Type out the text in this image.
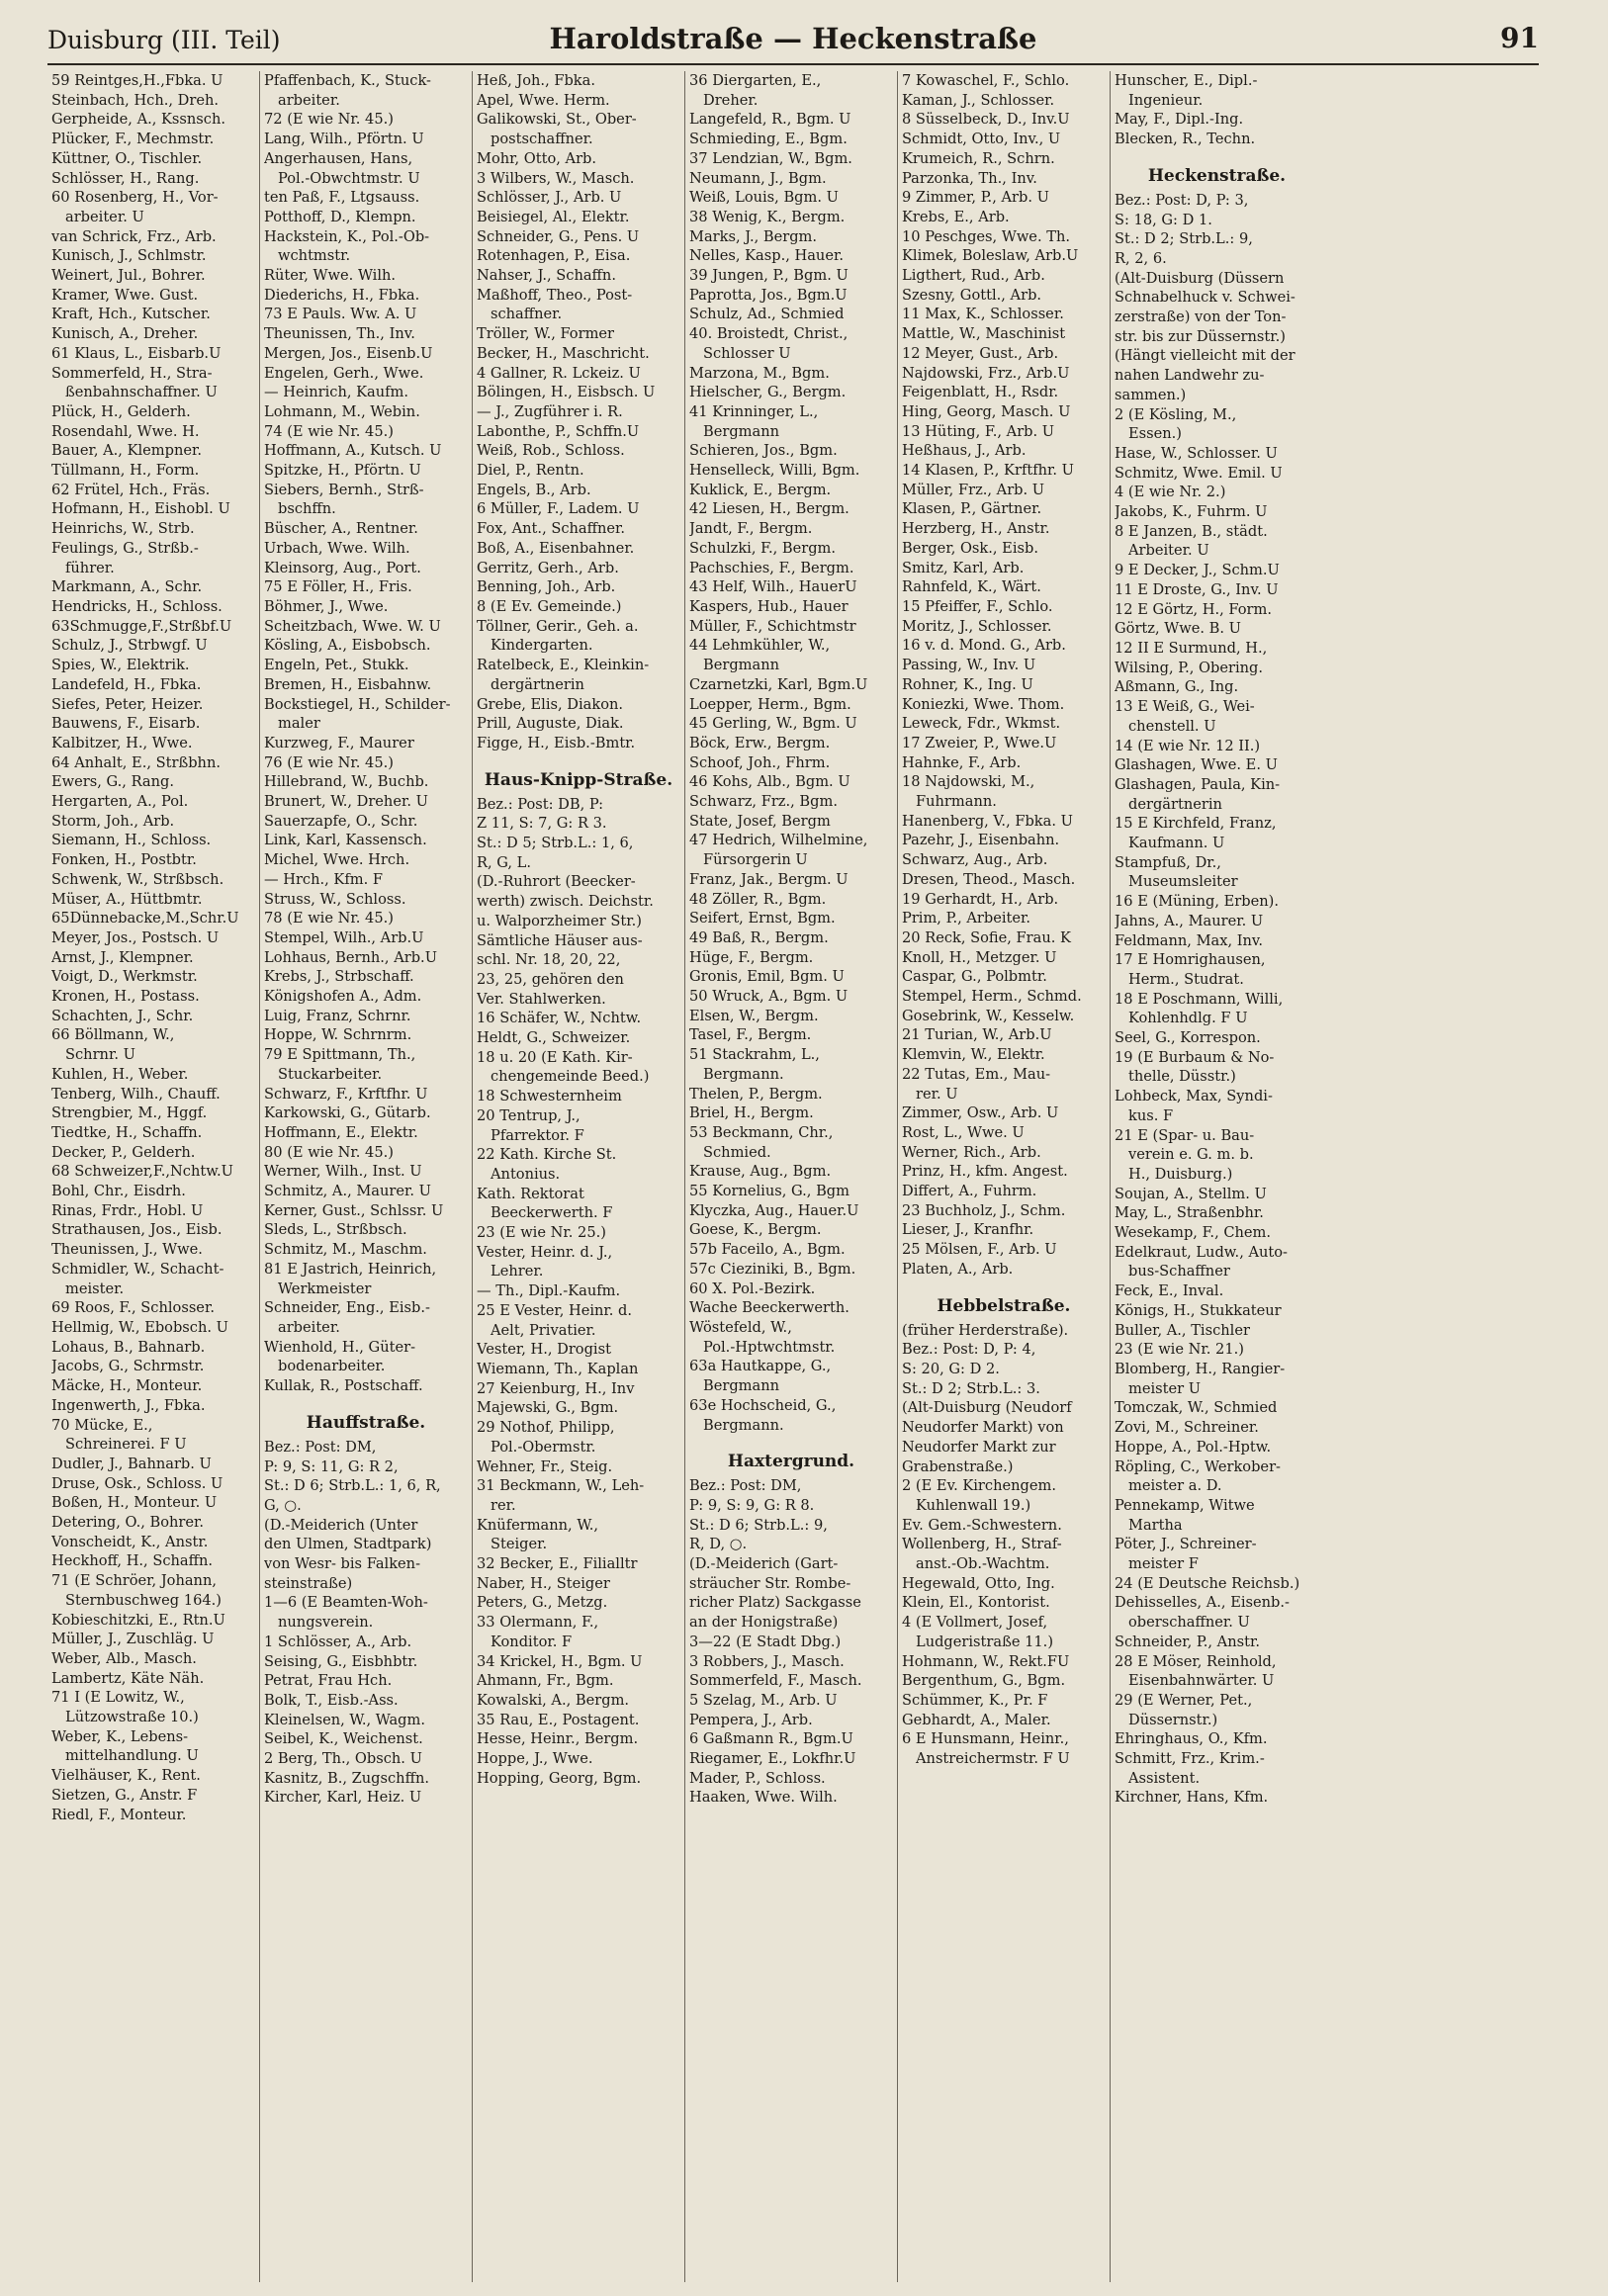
Duisburg (III. Teil)	Haroldstraße — Heckenstraße	91
59 Reintges,H.,Fbka. U
Steinbach, Hch., Dreh.
Gerpheide, A., Kssnsch.
Plücker, F., Mechmstr.
Küttner, O., Tischler.
Schlösser, H., Rang.
60 Rosenberg, H., Vor-
arbeiter. U
van Schrick, Frz., Arb.
Kunisch, J., Schlmstr.
Weinert, Jul., Bohrer.
Kramer, Wwe. Gust.
Kraft, Hch., Kutscher.
Kunisch, A., Dreher.
61 Klaus, L., Eisbarb.U
Sommerfeld, H., Stra-
ßenbahnschaffner. U
Plück, H., Gelderh.
Rosendahl, Wwe. H.
Bauer, A., Klempner.
Tüllmann, H., Form.
62 Frütel, Hch., Fräs.
Hofmann, H., Eishobl. U
Heinrichs, W., Strb.
Feulings, G., Strßb.-
führer.
Markmann, A., Schr.
Hendricks, H., Schloss.
63Schmugge,F.,Strßbf.U
Schulz, J., Strbwgf. U
Spies, W., Elektrik.
Landefeld, H., Fbka.
Siefes, Peter, Heizer.
Bauwens, F., Eisarb.
Kalbitzer, H., Wwe.
64 Anhalt, E., Strßbhn.
Ewers, G., Rang.
Hergarten, A., Pol.
Storm, Joh., Arb.
Siemann, H., Schloss.
Fonken, H., Postbtr.
Schwenk, W., Strßbsch.
Müser, A., Hüttbmtr.
65Dünnebacke,M.,Schr.U
Meyer, Jos., Postsch. U
Arnst, J., Klempner.
Voigt, D., Werkmstr.
Kronen, H., Postass.
Schachten, J., Schr.
66 Böllmann, W.,
Schrnr. U
Kuhlen, H., Weber.
Tenberg, Wilh., Chauff.
Strengbier, M., Hggf.
Tiedtke, H., Schaffn.
Decker, P., Gelderh.
68 Schweizer,F.,Nchtw.U
Bohl, Chr., Eisdrh.
Rinas, Frdr., Hobl. U
Strathausen, Jos., Eisb.
Theunissen, J., Wwe.
Schmidler, W., Schacht-
meister.
69 Roos, F., Schlosser.
Hellmig, W., Ebobsch. U
Lohaus, B., Bahnarb.
Jacobs, G., Schrmstr.
Mäcke, H., Monteur.
Ingenwerth, J., Fbka.
70 Mücke, E.,
Schreinerei. F U
Dudler, J., Bahnarb. U
Druse, Osk., Schloss. U
Boßen, H., Monteur. U
Detering, O., Bohrer.
Vonscheidt, K., Anstr.
Heckhoff, H., Schaffn.
71 (E Schröer, Johann,
Sternbuschweg 164.)
Kobieschitzki, E., Rtn.U
Müller, J., Zuschläg. U
Weber, Alb., Masch.
Lambertz, Käte Näh.
71 I (E Lowitz, W.,
Lützowstraße 10.)
Weber, K., Lebens-
mittelhandlung. U
Vielhäuser, K., Rent.
Sietzen, G., Anstr. F
Riedl, F., Monteur.
Pfaffenbach, K., Stuck-
arbeiter.
72 (E wie Nr. 45.)
Lang, Wilh., Pförtn. U
Angerhausen, Hans,
Pol.-Obwchtmstr. U
ten Paß, F., Ltgsauss.
Potthoff, D., Klempn.
Hackstein, K., Pol.-Ob-
wchtmstr.
Rüter, Wwe. Wilh.
Diederichs, H., Fbka.
73 E Pauls. Ww. A. U
Theunissen, Th., Inv.
Mergen, Jos., Eisenb.U
Engelen, Gerh., Wwe.
— Heinrich, Kaufm.
Lohmann, M., Webin.
74 (E wie Nr. 45.)
Hoffmann, A., Kutsch. U
Spitzke, H., Pförtn. U
Siebers, Bernh., Strß-
bschffn.
Büscher, A., Rentner.
Urbach, Wwe. Wilh.
Kleinsorg, Aug., Port.
75 E Föller, H., Fris.
Böhmer, J., Wwe.
Scheitzbach, Wwe. W. U
Kösling, A., Eisbobsch.
Engeln, Pet., Stukk.
Bremen, H., Eisbahnw.
Bockstiegel, H., Schilder-
maler
Kurzweg, F., Maurer
76 (E wie Nr. 45.)
Hillebrand, W., Buchb.
Brunert, W., Dreher. U
Sauerzapfe, O., Schr.
Link, Karl, Kassensch.
Michel, Wwe. Hrch.
— Hrch., Kfm. F
Struss, W., Schloss.
78 (E wie Nr. 45.)
Stempel, Wilh., Arb.U
Lohhaus, Bernh., Arb.U
Krebs, J., Strbschaff.
Königshofen A., Adm.
Luig, Franz, Schrnr.
Hoppe, W. Schrnrm.
79 E Spittmann, Th.,
Stuckarbeiter.
Schwarz, F., Krftfhr. U
Karkowski, G., Gütarb.
Hoffmann, E., Elektr.
80 (E wie Nr. 45.)
Werner, Wilh., Inst. U
Schmitz, A., Maurer. U
Kerner, Gust., Schlssr. U
Sleds, L., Strßbsch.
Schmitz, M., Maschm.
81 E Jastrich, Heinrich,
Werkmeister
Schneider, Eng., Eisb.-
arbeiter.
Wienhold, H., Güter-
bodenarbeiter.
Kullak, R., Postschaff.
Hauffstraße.
Bez.: Post: DM,
P: 9, S: 11, G: R 2,
St.: D 6; Strb.L.: 1, 6, R,
G, ○.
(D.-Meiderich (Unter
den Ulmen, Stadtpark)
von Wesr- bis Falken-
steinstraße)
1—6 (E Beamten-Woh-
nungsverein.
1 Schlösser, A., Arb.
Seising, G., Eisbhbtr.
Petrat, Frau Hch.
Bolk, T., Eisb.-Ass.
Kleinelsen, W., Wagm.
Seibel, K., Weichenst.
2 Berg, Th., Obsch. U
Kasnitz, B., Zugschffn.
Kircher, Karl, Heiz. U
Heß, Joh., Fbka.
Apel, Wwe. Herm.
Galikowski, St., Ober-
postschaffner.
Mohr, Otto, Arb.
3 Wilbers, W., Masch.
Schlösser, J., Arb. U
Beisiegel, Al., Elektr.
Schneider, G., Pens. U
Rotenhagen, P., Eisa.
Nahser, J., Schaffn.
Maßhoff, Theo., Post-
schaffner.
Tröller, W., Former
Becker, H., Maschricht.
4 Gallner, R. Lckeiz. U
Bölingen, H., Eisbsch. U
— J., Zugführer i. R.
Labonthe, P., Schffn.U
Weiß, Rob., Schloss.
Diel, P., Rentn.
Engels, B., Arb.
6 Müller, F., Ladem. U
Fox, Ant., Schaffner.
Boß, A., Eisenbahner.
Gerritz, Gerh., Arb.
Benning, Joh., Arb.
8 (E Ev. Gemeinde.)
Töllner, Gerir., Geh. a.
Kindergarten.
Ratelbeck, E., Kleinkin-
dergärtnerin
Grebe, Elis, Diakon.
Prill, Auguste, Diak.
Figge, H., Eisb.-Bmtr.
Haus-Knipp-Straße.
Bez.: Post: DB, P:
Z 11, S: 7, G: R 3.
St.: D 5; Strb.L.: 1, 6,
R, G, L.
(D.-Ruhrort (Beecker-
werth) zwisch. Deichstr.
u. Walporzheimer Str.)
Sämtliche Häuser aus-
schl. Nr. 18, 20, 22,
23, 25, gehören den
Ver. Stahlwerken.
16 Schäfer, W., Nchtw.
Heldt, G., Schweizer.
18 u. 20 (E Kath. Kir-
chengemeinde Beed.)
18 Schwesternheim
20 Tentrup, J.,
Pfarrektor. F
22 Kath. Kirche St.
Antonius.
Kath. Rektorat
Beeckerwerth. F
23 (E wie Nr. 25.)
Vester, Heinr. d. J.,
Lehrer.
— Th., Dipl.-Kaufm.
25 E Vester, Heinr. d.
Aelt, Privatier.
Vester, H., Drogist
Wiemann, Th., Kaplan
27 Keienburg, H., Inv
Majewski, G., Bgm.
29 Nothof, Philipp,
Pol.-Obermstr.
Wehner, Fr., Steig.
31 Beckmann, W., Leh-
rer.
Knüfermann, W.,
Steiger.
32 Becker, E., Filialltr
Naber, H., Steiger
Peters, G., Metzg.
33 Olermann, F.,
Konditor. F
34 Krickel, H., Bgm. U
Ahmann, Fr., Bgm.
Kowalski, A., Bergm.
35 Rau, E., Postagent.
Hesse, Heinr., Bergm.
Hoppe, J., Wwe.
Hopping, Georg, Bgm.
36 Diergarten, E.,
Dreher.
Langefeld, R., Bgm. U
Schmieding, E., Bgm.
37 Lendzian, W., Bgm.
Neumann, J., Bgm.
Weiß, Louis, Bgm. U
38 Wenig, K., Bergm.
Marks, J., Bergm.
Nelles, Kasp., Hauer.
39 Jungen, P., Bgm. U
Paprotta, Jos., Bgm.U
Schulz, Ad., Schmied
40. Broistedt, Christ.,
Schlosser U
Marzona, M., Bgm.
Hielscher, G., Bergm.
41 Krinninger, L.,
Bergmann
Schieren, Jos., Bgm.
Henselleck, Willi, Bgm.
Kuklick, E., Bergm.
42 Liesen, H., Bergm.
Jandt, F., Bergm.
Schulzki, F., Bergm.
Pachschies, F., Bergm.
43 Helf, Wilh., HauerU
Kaspers, Hub., Hauer
Müller, F., Schichtmstr
44 Lehmkühler, W.,
Bergmann
Czarnetzki, Karl, Bgm.U
Loepper, Herm., Bgm.
45 Gerling, W., Bgm. U
Böck, Erw., Bergm.
Schoof, Joh., Fhrm.
46 Kohs, Alb., Bgm. U
Schwarz, Frz., Bgm.
State, Josef, Bergm
47 Hedrich, Wilhelmine,
Fürsorgerin U
Franz, Jak., Bergm. U
48 Zöller, R., Bgm.
Seifert, Ernst, Bgm.
49 Baß, R., Bergm.
Hüge, F., Bergm.
Gronis, Emil, Bgm. U
50 Wruck, A., Bgm. U
Elsen, W., Bergm.
Tasel, F., Bergm.
51 Stackrahm, L.,
Bergmann.
Thelen, P., Bergm.
Briel, H., Bergm.
53 Beckmann, Chr.,
Schmied.
Krause, Aug., Bgm.
55 Kornelius, G., Bgm
Klyczka, Aug., Hauer.U
Goese, K., Bergm.
57b Faceilo, A., Bgm.
57c Cieziniki, B., Bgm.
60 X. Pol.-Bezirk.
Wache Beeckerwerth.
Wöstefeld, W.,
Pol.-Hptwchtmstr.
63a Hautkappe, G.,
Bergmann
63e Hochscheid, G.,
Bergmann.
Haxtergrund.
Bez.: Post: DM,
P: 9, S: 9, G: R 8.
St.: D 6; Strb.L.: 9,
R, D, ○.
(D.-Meiderich (Gart-
sträucher Str. Rombe-
richer Platz) Sackgasse
an der Honigstraße)
3—22 (E Stadt Dbg.)
3 Robbers, J., Masch.
Sommerfeld, F., Masch.
5 Szelag, M., Arb. U
Pempera, J., Arb.
6 Gaßmann R., Bgm.U
Riegamer, E., Lokfhr.U
Mader, P., Schloss.
Haaken, Wwe. Wilh.
7 Kowaschel, F., Schlo.
Kaman, J., Schlosser.
8 Süsselbeck, D., Inv.U
Schmidt, Otto, Inv., U
Krumeich, R., Schrn.
Parzonka, Th., Inv.
9 Zimmer, P., Arb. U
Krebs, E., Arb.
10 Peschges, Wwe. Th.
Klimek, Boleslaw, Arb.U
Ligthert, Rud., Arb.
Szesny, Gottl., Arb.
11 Max, K., Schlosser.
Mattle, W., Maschinist
12 Meyer, Gust., Arb.
Najdowski, Frz., Arb.U
Feigenblatt, H., Rsdr.
Hing, Georg, Masch. U
13 Hüting, F., Arb. U
Heßhaus, J., Arb.
14 Klasen, P., Krftfhr. U
Müller, Frz., Arb. U
Klasen, P., Gärtner.
Herzberg, H., Anstr.
Berger, Osk., Eisb.
Smitz, Karl, Arb.
Rahnfeld, K., Wärt.
15 Pfeiffer, F., Schlo.
Moritz, J., Schlosser.
16 v. d. Mond. G., Arb.
Passing, W., Inv. U
Rohner, K., Ing. U
Koniezki, Wwe. Thom.
Leweck, Fdr., Wkmst.
17 Zweier, P., Wwe.U
Hahnke, F., Arb.
18 Najdowski, M.,
Fuhrmann.
Hanenberg, V., Fbka. U
Pazehr, J., Eisenbahn.
Schwarz, Aug., Arb.
Dresen, Theod., Masch.
19 Gerhardt, H., Arb.
Prim, P., Arbeiter.
20 Reck, Sofie, Frau. K
Knoll, H., Metzger. U
Caspar, G., Polbmtr.
Stempel, Herm., Schmd.
Gosebrink, W., Kesselw.
21 Turian, W., Arb.U
Klemvin, W., Elektr.
22 Tutas, Em., Mau-
rer. U
Zimmer, Osw., Arb. U
Rost, L., Wwe. U
Werner, Rich., Arb.
Prinz, H., kfm. Angest.
Differt, A., Fuhrm.
23 Buchholz, J., Schm.
Lieser, J., Kranfhr.
25 Mölsen, F., Arb. U
Platen, A., Arb.
Hebbelstraße.
(früher Herderstraße).
Bez.: Post: D, P: 4,
S: 20, G: D 2.
St.: D 2; Strb.L.: 3.
(Alt-Duisburg (Neudorf
Neudorfer Markt) von
Neudorfer Markt zur
Grabenstraße.)
2 (E Ev. Kirchengem.
Kuhlenwall 19.)
Ev. Gem.-Schwestern.
Wollenberg, H., Straf-
anst.-Ob.-Wachtm.
Hegewald, Otto, Ing.
Klein, El., Kontorist.
4 (E Vollmert, Josef,
Ludgeristraße 11.)
Hohmann, W., Rekt.FU
Bergenthum, G., Bgm.
Schümmer, K., Pr. F
Gebhardt, A., Maler.
6 E Hunsmann, Heinr.,
Anstreichermstr. F U
Hunscher, E., Dipl.-
Ingenieur.
May, F., Dipl.-Ing.
Blecken, R., Techn.
Heckenstraße.
Bez.: Post: D, P: 3,
S: 18, G: D 1.
St.: D 2; Strb.L.: 9,
R, 2, 6.
(Alt-Duisburg (Düssern
Schnabelhuck v. Schwei-
zerstraße) von der Ton-
str. bis zur Düssernstr.)
(Hängt vielleicht mit der
nahen Landwehr zu-
sammen.)
2 (E Kösling, M.,
Essen.)
Hase, W., Schlosser. U
Schmitz, Wwe. Emil. U
4 (E wie Nr. 2.)
Jakobs, K., Fuhrm. U
8 E Janzen, B., städt.
Arbeiter. U
9 E Decker, J., Schm.U
11 E Droste, G., Inv. U
12 E Görtz, H., Form.
Görtz, Wwe. B. U
12 II E Surmund, H.,
Wilsing, P., Obering.
Aßmann, G., Ing.
13 E Weiß, G., Wei-
chenstell. U
14 (E wie Nr. 12 II.)
Glashagen, Wwe. E. U
Glashagen, Paula, Kin-
dergärtnerin
15 E Kirchfeld, Franz,
Kaufmann. U
Stampfuß, Dr.,
Museumsleiter
16 E (Müning, Erben).
Jahns, A., Maurer. U
Feldmann, Max, Inv.
17 E Homrighausen,
Herm., Studrat.
18 E Poschmann, Willi,
Kohlenhdlg. F U
Seel, G., Korrespon.
19 (E Burbaum & No-
thelle, Düsstr.)
Lohbeck, Max, Syndi-
kus. F
21 E (Spar- u. Bau-
verein e. G. m. b.
H., Duisburg.)
Soujan, A., Stellm. U
May, L., Straßenbhr.
Wesekamp, F., Chem.
Edelkraut, Ludw., Auto-
bus-Schaffner
Feck, E., Inval.
Königs, H., Stukkateur
Buller, A., Tischler
23 (E wie Nr. 21.)
Blomberg, H., Rangier-
meister U
Tomczak, W., Schmied
Zovi, M., Schreiner.
Hoppe, A., Pol.-Hptw.
Röpling, C., Werkober-
meister a. D.
Pennekamp, Witwe
Martha
Pöter, J., Schreiner-
meister F
24 (E Deutsche Reichsb.)
Dehisselles, A., Eisenb.-
oberschaffner. U
Schneider, P., Anstr.
28 E Möser, Reinhold,
Eisenbahnwärter. U
29 (E Werner, Pet.,
Düssernstr.)
Ehringhaus, O., Kfm.
Schmitt, Frz., Krim.-
Assistent.
Kirchner, Hans, Kfm.
